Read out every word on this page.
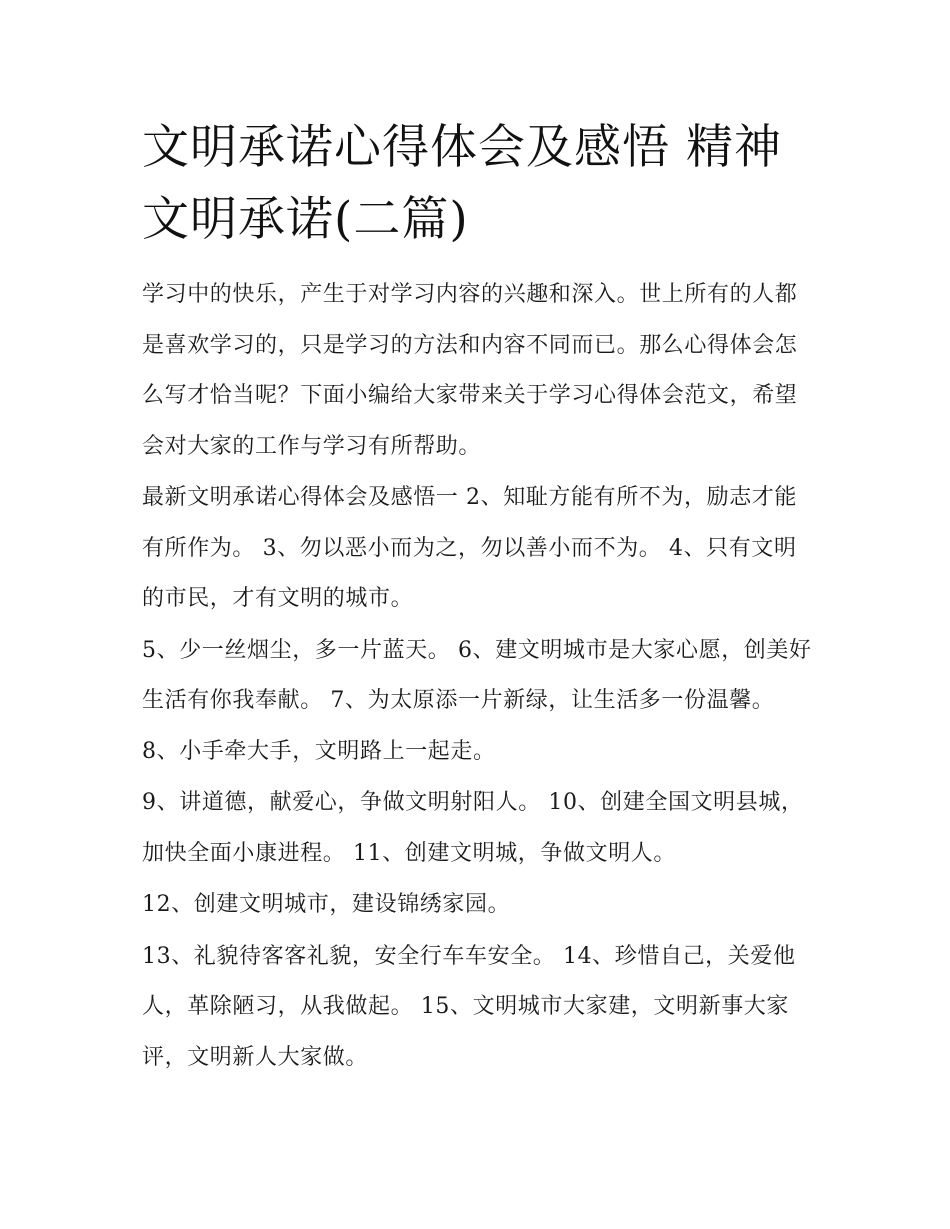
文明承诺心得体会及感悟 精神文明承诺(二篇)

学习中的快乐，产生于对学习内容的兴趣和深入。世上所有的人都是喜欢学习的，只是学习的方法和内容不同而已。那么心得体会怎么写才恰当呢？下面小编给大家带来关于学习心得体会范文，希望会对大家的工作与学习有所帮助。

最新文明承诺心得体会及感悟一 2、知耻方能有所不为，励志才能有所作为。 3、勿以恶小而为之，勿以善小而不为。 4、只有文明的市民，才有文明的城市。

5、少一丝烟尘，多一片蓝天。 6、建文明城市是大家心愿，创美好生活有你我奉献。 7、为太原添一片新绿，让生活多一份温馨。 8、小手牵大手，文明路上一起走。

9、讲道德，献爱心，争做文明射阳人。 10、创建全国文明县城，加快全面小康进程。 11、创建文明城，争做文明人。

12、创建文明城市，建设锦绣家园。

13、礼貌待客客礼貌，安全行车车安全。 14、珍惜自己，关爱他人，革除陋习，从我做起。 15、文明城市大家建，文明新事大家评，文明新人大家做。
